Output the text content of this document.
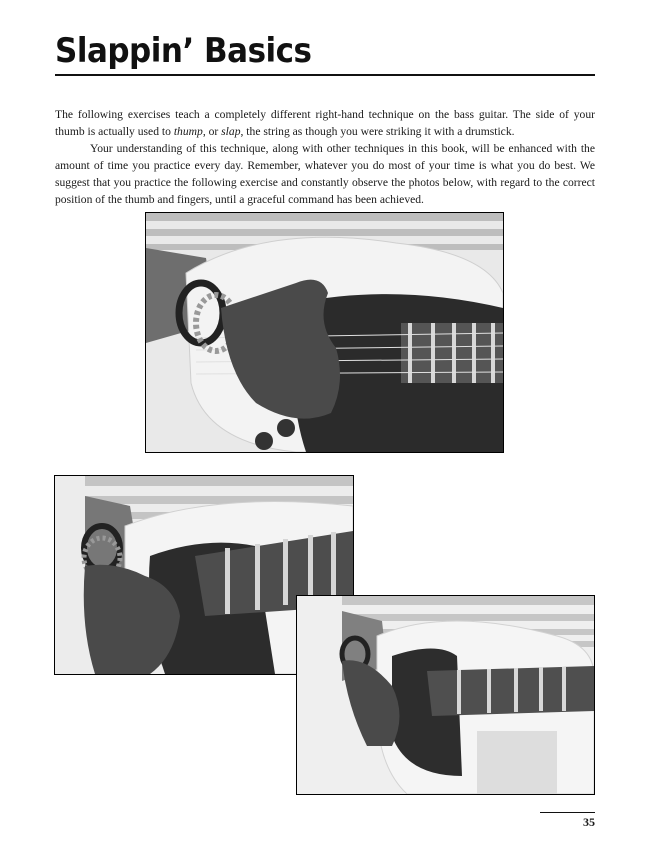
Slappin’ Basics

The following exercises teach a completely different right-hand technique on the bass guitar. The side of your thumb is actually used to thump, or slap, the string as though you were striking it with a drumstick.

Your understanding of this technique, along with other techniques in this book, will be enhanced with the amount of time you practice every day. Remember, whatever you do most of your time is what you do best. We suggest that you practice the following exercise and constantly observe the photos below, with regard to the correct position of the thumb and fingers, until a graceful command has been achieved.

35
